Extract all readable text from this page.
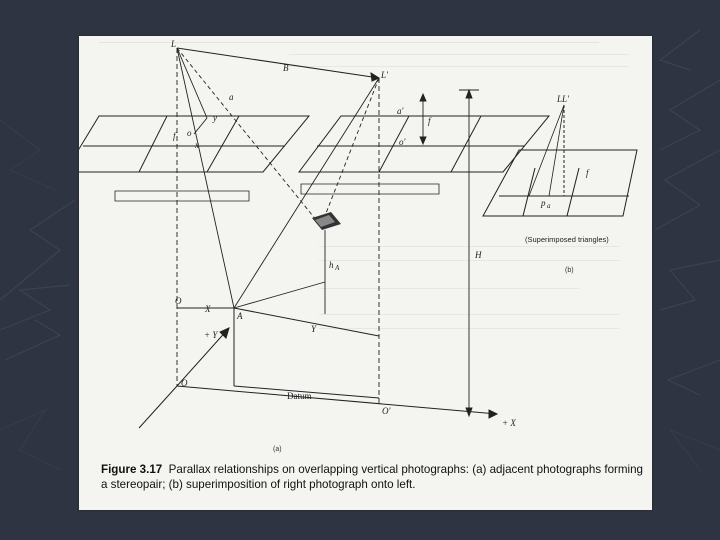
L
L'
LL'
B
f
f
f
H
h A
A
O
X
Y
+ Y
+ X
O
O'
Datum
a
a'
o
o'
x
y
p a
(Superimposed triangles)
(b)
(a)
Figure 3.17 Parallax relationships on overlapping vertical photographs: (a) adjacent photographs forming a stereopair; (b) superimposition of right photograph onto left.
